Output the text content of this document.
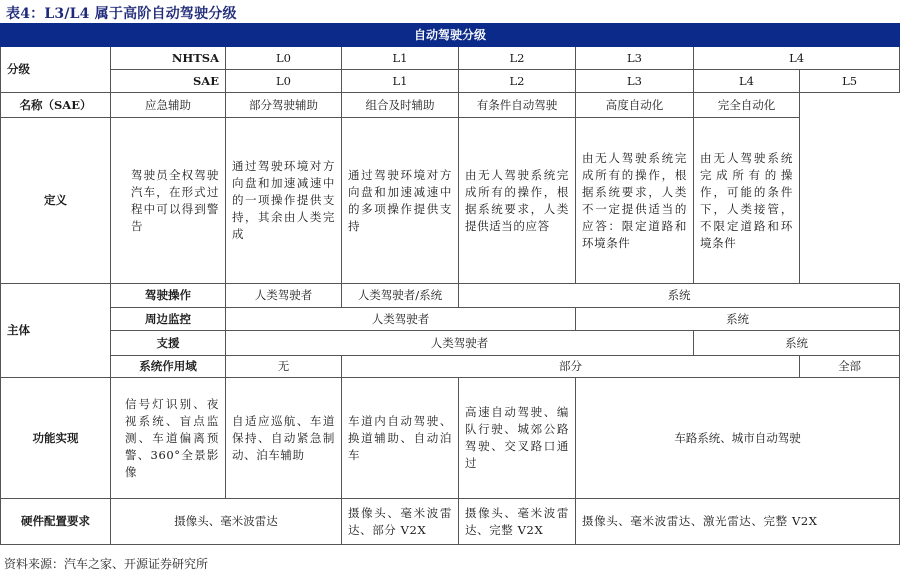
表4：L3/L4 属于高阶自动驾驶分级
自动驾驶分级							
分级	NHTSA	L0	L1	L2	L3	L4	
	SAE	L0	L1	L2	L3	L4	L5
名称（SAE）	应急辅助	部分驾驶辅助	组合及时辅助	有条件自动驾驶	高度自动化	完全自动化	
定义	驾驶员全权驾驶汽车，在形式过程中可以得到警告	通过驾驶环境对方向盘和加速减速中的一项操作提供支持，其余由人类完成	通过驾驶环境对方向盘和加速减速中的多项操作提供支持	由无人驾驶系统完成所有的操作，根据系统要求，人类提供适当的应答	由无人驾驶系统完成所有的操作，根据系统要求，人类不一定提供适当的应答：限定道路和环境条件	由无人驾驶系统完成所有的操作，可能的条件下，人类接管，不限定道路和环境条件	
主体	驾驶操作	人类驾驶者	人类驾驶者/系统	系统			
	周边监控	人类驾驶者			系统		
	支援	人类驾驶者				系统	
	系统作用域	无	部分				全部
功能实现	信号灯识别、夜视系统、盲点监测、车道偏离预警、360°全景影像	自适应巡航、车道保持、自动紧急制动、泊车辅助	车道内自动驾驶、换道辅助、自动泊车	高速自动驾驶、编队行驶、城郊公路驾驶、交叉路口通过	车路系统、城市自动驾驶		
硬件配置要求	摄像头、毫米波雷达		摄像头、毫米波雷达、部分 V2X	摄像头、毫米波雷达、完整 V2X	摄像头、毫米波雷达、激光雷达、完整 V2X		
资料来源：汽车之家、开源证券研究所
